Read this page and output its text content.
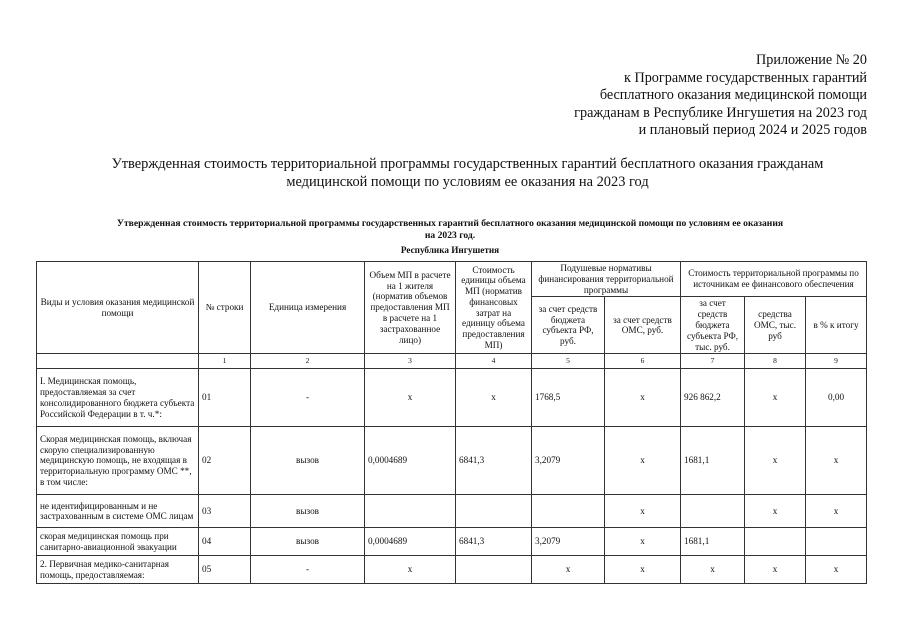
Приложение № 20
к Программе государственных гарантий
бесплатного оказания медицинской помощи
гражданам в Республике Ингушетия на 2023 год
и плановый период 2024 и 2025 годов
Утвержденная стоимость территориальной программы государственных гарантий бесплатного оказания гражданам
медицинской помощи по условиям ее оказания на 2023 год
Утвержденная стоимость территориальной программы государственных гарантий бесплатного оказания медицинской помощи по условиям ее оказания
на 2023 год.
Республика Ингушетия
Виды и условия оказания медицинской помощи	№ строки	Единица измерения	Объем МП в расчете на 1 жителя (норматив объемов предоставления МП в расчете на 1 застрахованное лицо)	Стоимость единицы объема МП (норматив финансовых затрат на единицу объема предоставления МП)	Подушевые нормативы финансирования территориальной программы		Стоимость территориальной программы по источникам ее финансового обеспечения		
					за счет средств бюджета субъекта РФ, руб.	за счет средств ОМС, руб.	за счет средств бюджета субъекта РФ, тыс. руб.	средства ОМС, тыс. руб	в % к итогу
	1	2	3	4	5	6	7	8	9
I. Медицинская помощь, предоставляемая за счет консолидированного бюджета субъекта Российской Федерации в т. ч.*:	01	-	x	x	1768,5	x	926 862,2	x	0,00
Скорая медицинская помощь, включая скорую специализированную медицинскую помощь, не входящая в территориальную программу ОМС **, в том числе:	02	вызов	0,0004689	6841,3	3,2079	x	1681,1	x	x
не идентифицированным и не застрахованным в системе ОМС лицам	03	вызов				x		x	x
скорая медицинская помощь при санитарно-авиационной эвакуации	04	вызов	0,0004689	6841,3	3,2079	x	1681,1		
2. Первичная медико-санитарная помощь, предоставляемая:	05	-	x		x	x	x	x	x
